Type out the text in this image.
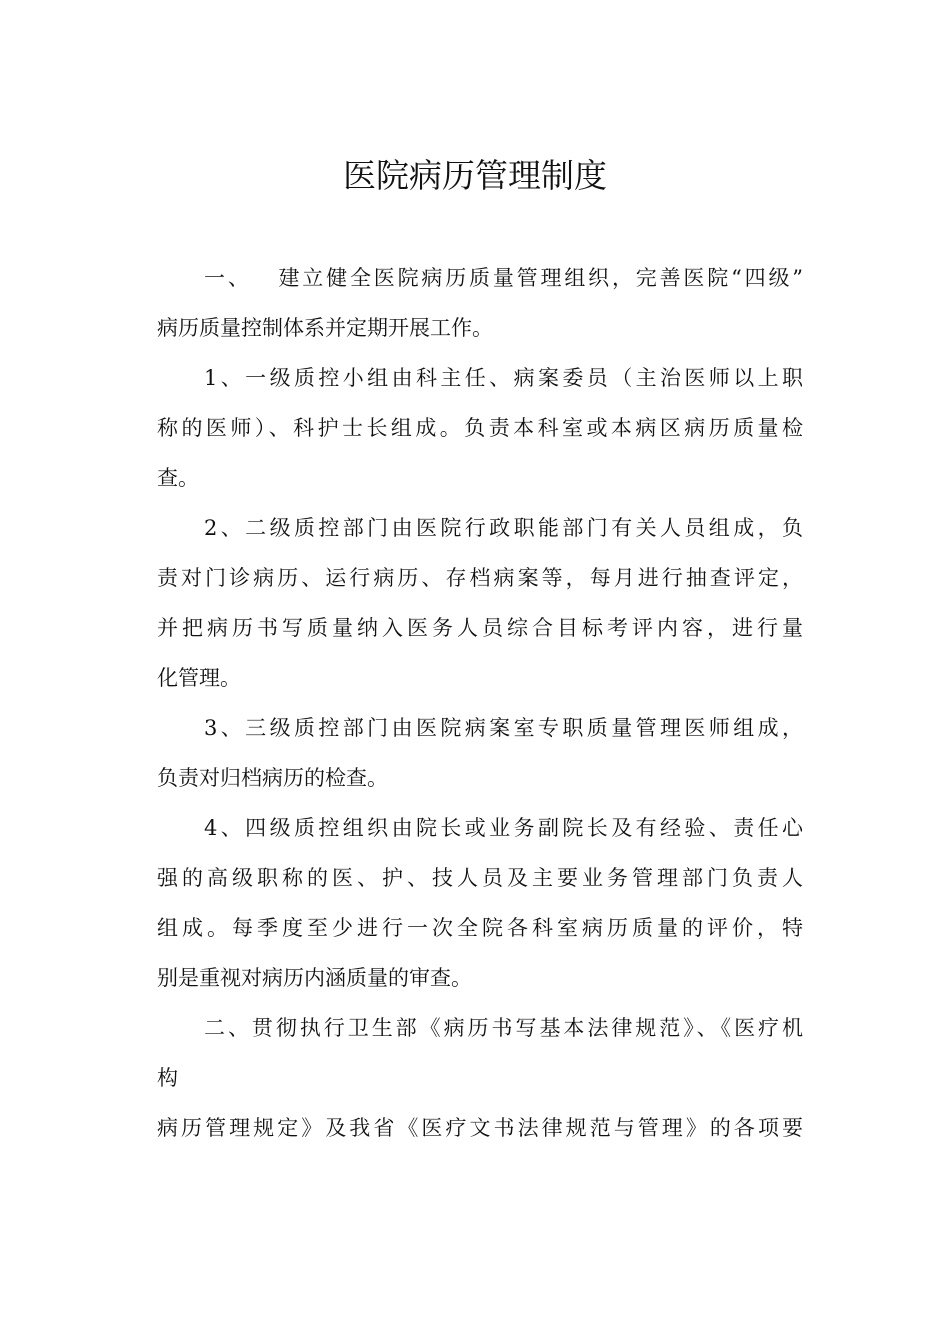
医院病历管理制度
一、 建立健全医院病历质量管理组织，完善医院“四级”
病历质量控制体系并定期开展工作。
1、一级质控小组由科主任、病案委员（主治医师以上职
称的医师）、科护士长组成。负责本科室或本病区病历质量检
查。
2、二级质控部门由医院行政职能部门有关人员组成，负
责对门诊病历、运行病历、存档病案等，每月进行抽查评定，
并把病历书写质量纳入医务人员综合目标考评内容，进行量
化管理。
3、三级质控部门由医院病案室专职质量管理医师组成，
负责对归档病历的检查。
4、四级质控组织由院长或业务副院长及有经验、责任心
强的高级职称的医、护、技人员及主要业务管理部门负责人
组成。每季度至少进行一次全院各科室病历质量的评价，特
别是重视对病历内涵质量的审查。
二、贯彻执行卫生部《病历书写基本法律规范》、《医疗机
构
病历管理规定》及我省《医疗文书法律规范与管理》的各项要
